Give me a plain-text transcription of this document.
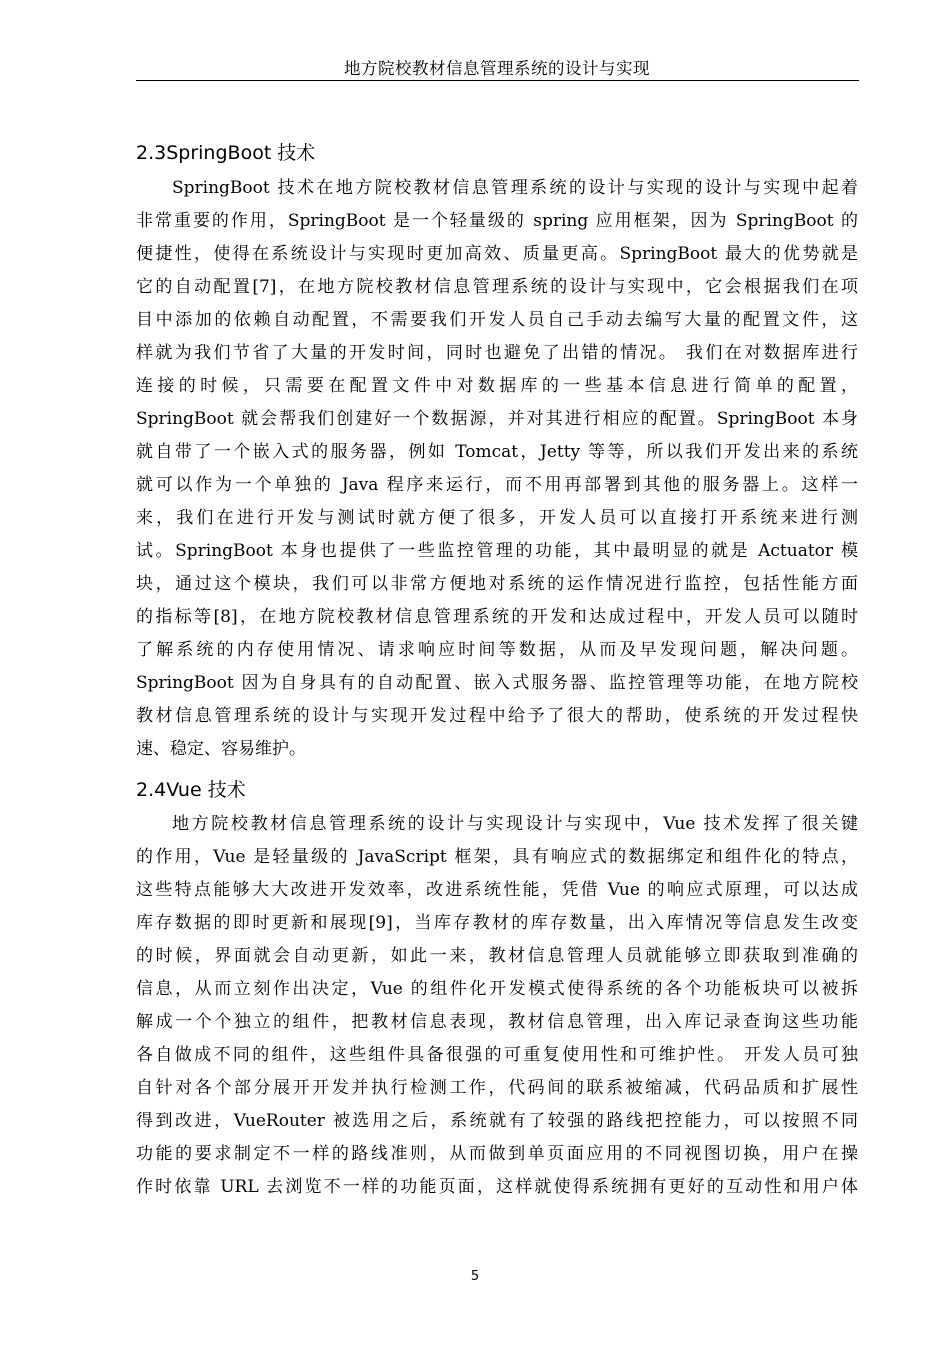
地方院校教材信息管理系统的设计与实现
2.3SpringBoot 技术
SpringBoot 技术在地方院校教材信息管理系统的设计与实现的设计与实现中起着
非常重要的作用，SpringBoot 是一个轻量级的 spring 应用框架，因为 SpringBoot 的
便捷性，使得在系统设计与实现时更加高效、质量更高。SpringBoot 最大的优势就是
它的自动配置[7]，在地方院校教材信息管理系统的设计与实现中，它会根据我们在项
目中添加的依赖自动配置，不需要我们开发人员自己手动去编写大量的配置文件，这
样就为我们节省了大量的开发时间，同时也避免了出错的情况。 我们在对数据库进行
连接的时候，只需要在配置文件中对数据库的一些基本信息进行简单的配置，
SpringBoot 就会帮我们创建好一个数据源，并对其进行相应的配置。SpringBoot 本身
就自带了一个嵌入式的服务器，例如 Tomcat，Jetty 等等，所以我们开发出来的系统
就可以作为一个单独的 Java 程序来运行，而不用再部署到其他的服务器上。这样一
来，我们在进行开发与测试时就方便了很多，开发人员可以直接打开系统来进行测
试。SpringBoot 本身也提供了一些监控管理的功能，其中最明显的就是 Actuator 模
块，通过这个模块，我们可以非常方便地对系统的运作情况进行监控，包括性能方面
的指标等[8]，在地方院校教材信息管理系统的开发和达成过程中，开发人员可以随时
了解系统的内存使用情况、请求响应时间等数据，从而及早发现问题，解决问题。
SpringBoot 因为自身具有的自动配置、嵌入式服务器、监控管理等功能，在地方院校
教材信息管理系统的设计与实现开发过程中给予了很大的帮助，使系统的开发过程快
速、稳定、容易维护。
2.4Vue 技术
地方院校教材信息管理系统的设计与实现设计与实现中，Vue 技术发挥了很关键
的作用，Vue 是轻量级的 JavaScript 框架，具有响应式的数据绑定和组件化的特点，
这些特点能够大大改进开发效率，改进系统性能，凭借 Vue 的响应式原理，可以达成
库存数据的即时更新和展现[9]，当库存教材的库存数量，出入库情况等信息发生改变
的时候，界面就会自动更新，如此一来，教材信息管理人员就能够立即获取到准确的
信息，从而立刻作出决定，Vue 的组件化开发模式使得系统的各个功能板块可以被拆
解成一个个独立的组件，把教材信息表现，教材信息管理，出入库记录查询这些功能
各自做成不同的组件，这些组件具备很强的可重复使用性和可维护性。 开发人员可独
自针对各个部分展开开发并执行检测工作，代码间的联系被缩减，代码品质和扩展性
得到改进，VueRouter 被选用之后，系统就有了较强的路线把控能力，可以按照不同
功能的要求制定不一样的路线准则，从而做到单页面应用的不同视图切换，用户在操
作时依靠 URL 去浏览不一样的功能页面，这样就使得系统拥有更好的互动性和用户体
5
